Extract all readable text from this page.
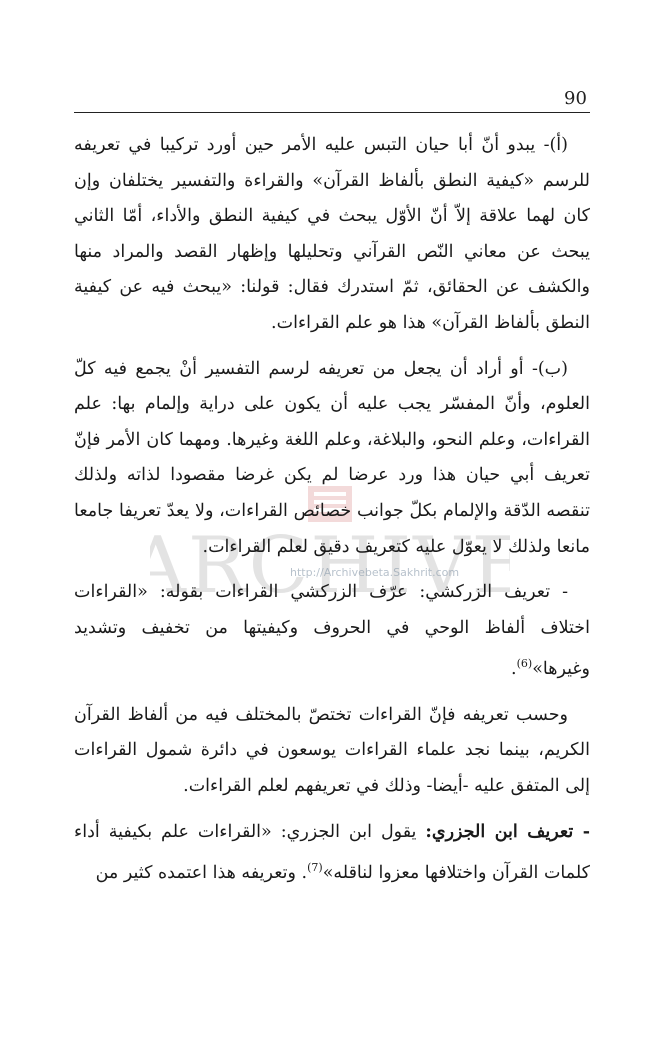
90
ARCHIVE
http://Archivebeta.Sakhrit.com

(أ)- يبدو أنّ أبا حيان التبس عليه الأمر حين أورد تركيبا في تعريفه للرسم «كيفية النطق بألفاظ القرآن» والقراءة والتفسير يختلفان وإن كان لهما علاقة إلاّ أنّ الأوّل يبحث في كيفية النطق والأداء، أمّا الثاني يبحث عن معاني النّص القرآني وتحليلها وإظهار القصد والمراد منها والكشف عن الحقائق، ثمّ استدرك فقال: قولنا: «يبحث فيه عن كيفية النطق بألفاظ القرآن» هذا هو علم القراءات.

(ب)- أو أراد أن يجعل من تعريفه لرسم التفسير أنْ يجمع فيه كلّ العلوم، وأنّ المفسّر يجب عليه أن يكون على دراية وإلمام بها: علم القراءات، وعلم النحو، والبلاغة، وعلم اللغة وغيرها. ومهما كان الأمر فإنّ تعريف أبي حيان هذا ورد عرضا لم يكن غرضا مقصودا لذاته ولذلك تنقصه الدّقة والإلمام بكلّ جوانب خصائص القراءات، ولا يعدّ تعريفا جامعا مانعا ولذلك لا يعوّل عليه كتعريف دقيق لعلم القراءات.

- تعريف الزركشي: عرّف الزركشي القراءات بقوله: «القراءات اختلاف ألفاظ الوحي في الحروف وكيفيتها من تخفيف وتشديد وغيرها»$^{(6)}$.

وحسب تعريفه فإنّ القراءات تختصّ بالمختلف فيه من ألفاظ القرآن الكريم، بينما نجد علماء القراءات يوسعون في دائرة شمول القراءات إلى المتفق عليه -أيضا- وذلك في تعريفهم لعلم القراءات.

- تعريف ابن الجزري: يقول ابن الجزري: «القراءات علم بكيفية أداء كلمات القرآن واختلافها معزوا لناقله»$^{(7)}$. وتعريفه هذا اعتمده كثير من
